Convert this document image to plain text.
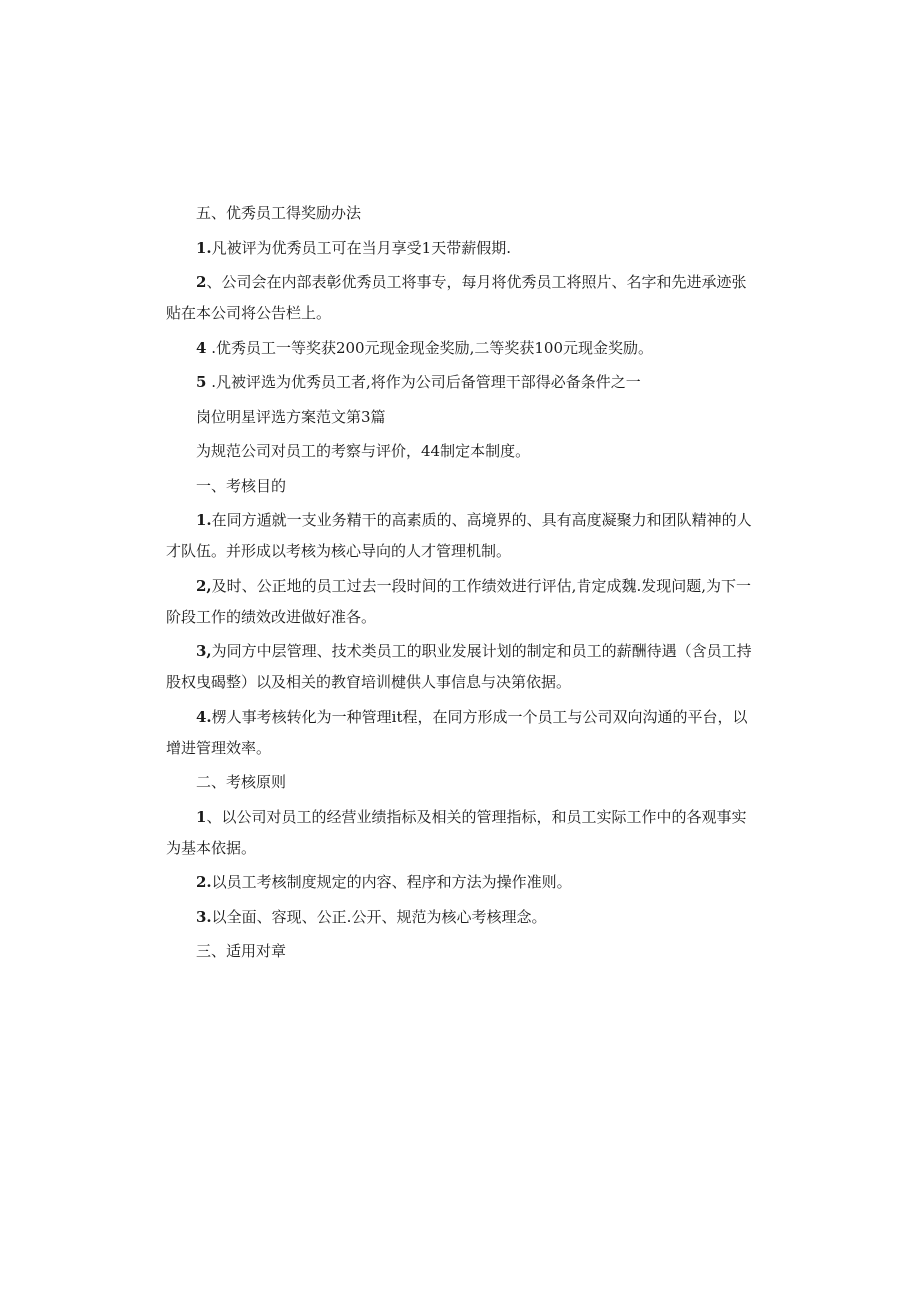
五、优秀员工得奖励办法

1.凡被评为优秀员工可在当月享受1天带薪假期.

2、公司会在内部表彰优秀员工将事专，每月将优秀员工将照片、名字和先进承迹张贴在本公司将公告栏上。

4 .优秀员工一等奖获200元现金现金奖励,二等奖获100元现金奖励。

5 .凡被评选为优秀员工者,将作为公司后备管理干部得必备条件之一

岗位明星评选方案范文第3篇

为规范公司对员工的考察与评价，44制定本制度。

一、考核目的

1.在同方遁就一支业务精干的高素质的、高境界的、具有高度凝聚力和团队精神的人才队伍。并形成以考核为核心导向的人才管理机制。

2,及时、公正地的员工过去一段时间的工作绩效进行评估,肯定成魏.发现问题,为下一阶段工作的绩效改进做好准各。

3,为同方中层管理、技术类员工的职业发展计划的制定和员工的薪酬待遇（含员工持股权曳碣整）以及相关的教窅培训楗供人事信息与决第依据。

4.楞人事考核转化为一种管理it程，在同方形成一个员工与公司双向沟通的平台，以增进管理效率。

二、考核原则

1、以公司对员工的经营业绩指标及相关的管理指标，和员工实际工作中的各观事实为基本依据。

2.以员工考核制度规定的内容、程序和方法为操作准则。

3.以全面、容现、公正.公开、规范为核心考核理念。

三、适用对章
